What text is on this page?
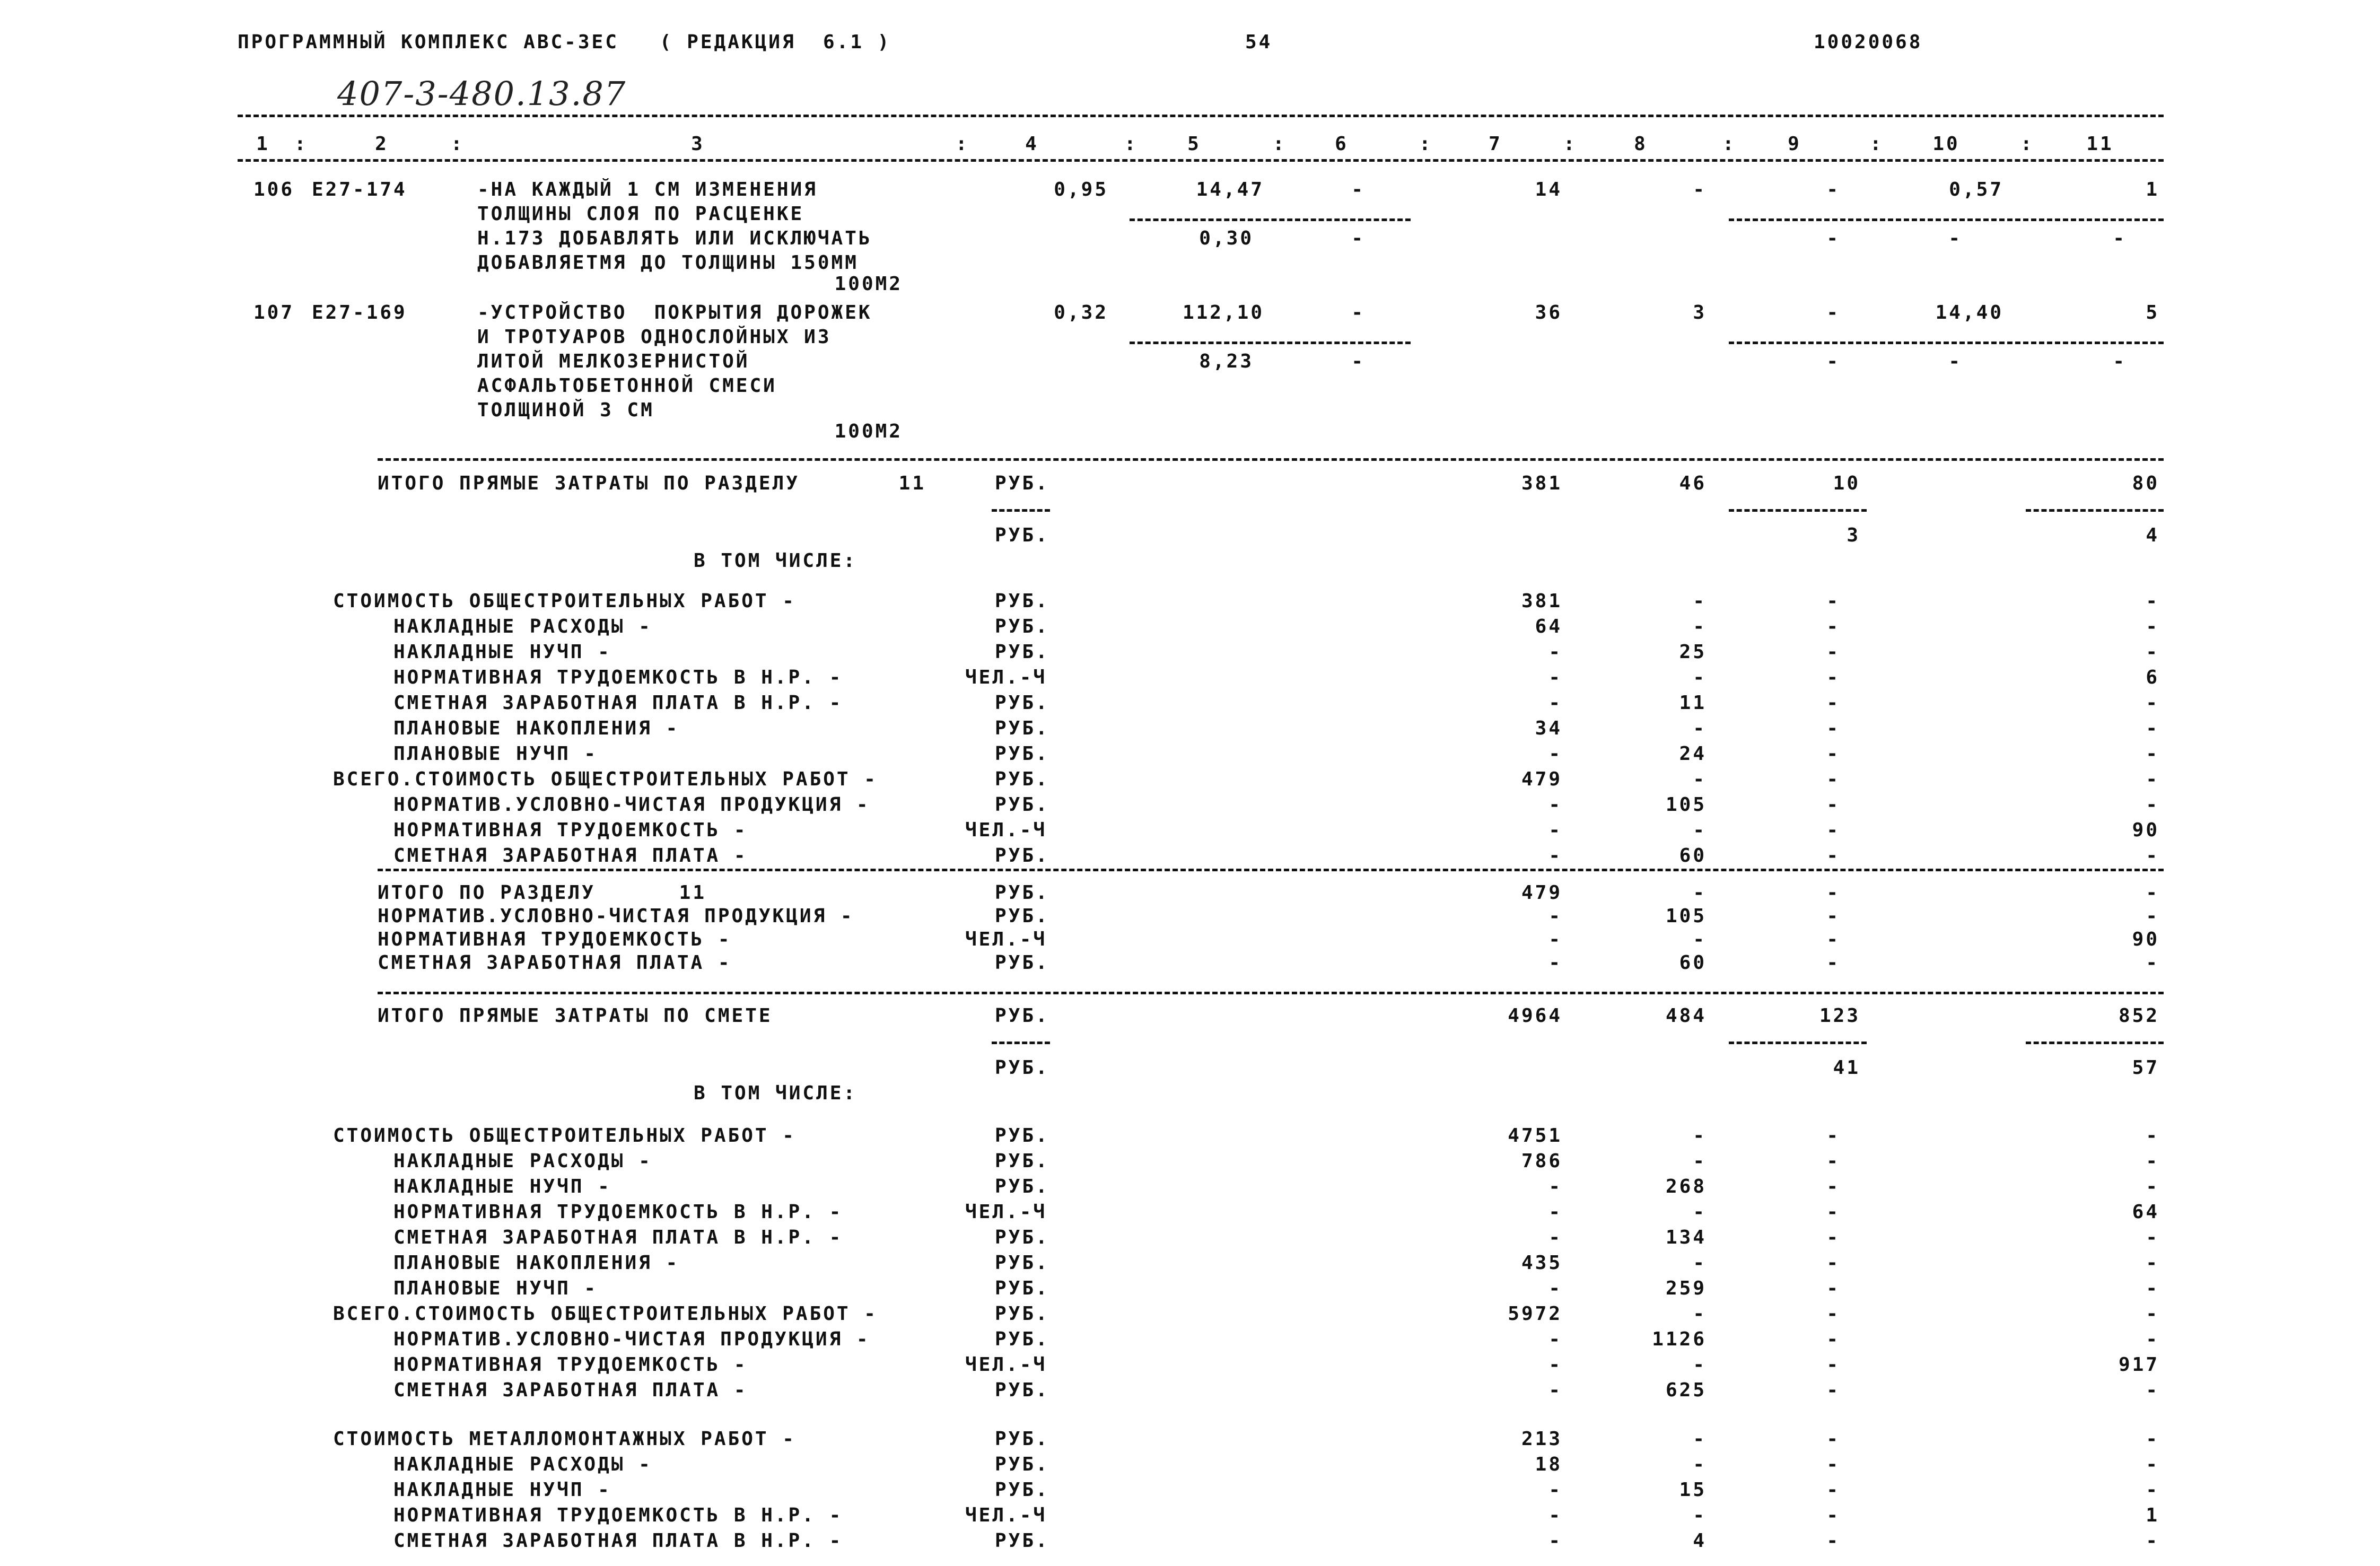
ПРОГРАММНЫЙ КОМПЛЕКС АВС-ЗЕС   ( РЕДАКЦИЯ  6.1 )	54	10020068
407-3-480.13.87
1	2	3	4	5	6	7	8	9	10	11
:	:	:	:	:	:	:	:	:	:
106 Е27-174	-НА КАЖДЫЙ 1 СМ ИЗМЕНЕНИЯ
ТОЛЩИНЫ СЛОЯ ПО РАСЦЕНКЕ
Н.173 ДОБАВЛЯТЬ ИЛИ ИСКЛЮЧАТЬ
ДОБАВЛЯЕТМЯ ДО ТОЛЩИНЫ 150ММ
100М2
0,95	14,47	-	14	-	-	0,57	1
0,30	-	-	-	-
107 Е27-169	-УСТРОЙСТВО  ПОКРЫТИЯ ДОРОЖЕК
И ТРОТУАРОВ ОДНОСЛОЙНЫХ ИЗ
ЛИТОЙ МЕЛКОЗЕРНИСТОЙ
АСФАЛЬТОБЕТОННОЙ СМЕСИ
ТОЛЩИНОЙ 3 СМ
100М2
0,32	112,10	-	36	3	-	14,40	5
8,23	-	-	-	-
ИТОГО ПРЯМЫЕ ЗАТРАТЫ ПО РАЗДЕЛУ	11	РУБ.	381	46	10	80
РУБ.	3	4
В ТОМ ЧИСЛЕ:
СТОИМОСТЬ ОБЩЕСТРОИТЕЛЬНЫХ РАБОТ -	РУБ.	381	-	-	-
НАКЛАДНЫЕ РАСХОДЫ -	РУБ.	64	-	-	-
НАКЛАДНЫЕ НУЧП -	РУБ.	-	25	-	-
НОРМАТИВНАЯ ТРУДОЕМКОСТЬ В Н.Р. -	ЧЕЛ.-Ч	-	-	-	6
СМЕТНАЯ ЗАРАБОТНАЯ ПЛАТА В Н.Р. -	РУБ.	-	11	-	-
ПЛАНОВЫЕ НАКОПЛЕНИЯ -	РУБ.	34	-	-	-
ПЛАНОВЫЕ НУЧП -	РУБ.	-	24	-	-
ВСЕГО.СТОИМОСТЬ ОБЩЕСТРОИТЕЛЬНЫХ РАБОТ -	РУБ.	479	-	-	-
НОРМАТИВ.УСЛОВНО-ЧИСТАЯ ПРОДУКЦИЯ -	РУБ.	-	105	-	-
НОРМАТИВНАЯ ТРУДОЕМКОСТЬ -	ЧЕЛ.-Ч	-	-	-	90
СМЕТНАЯ ЗАРАБОТНАЯ ПЛАТА -	РУБ.	-	60	-	-
ИТОГО ПО РАЗДЕЛУ	11	РУБ.	479	-	-	-
НОРМАТИВ.УСЛОВНО-ЧИСТАЯ ПРОДУКЦИЯ -	РУБ.	-	105	-	-
НОРМАТИВНАЯ ТРУДОЕМКОСТЬ -	ЧЕЛ.-Ч	-	-	-	90
СМЕТНАЯ ЗАРАБОТНАЯ ПЛАТА -	РУБ.	-	60	-	-
ИТОГО ПРЯМЫЕ ЗАТРАТЫ ПО СМЕТЕ	РУБ.	4964	484	123	852
РУБ.	41	57
В ТОМ ЧИСЛЕ:
СТОИМОСТЬ ОБЩЕСТРОИТЕЛЬНЫХ РАБОТ -	РУБ.	4751	-	-	-
НАКЛАДНЫЕ РАСХОДЫ -	РУБ.	786	-	-	-
НАКЛАДНЫЕ НУЧП -	РУБ.	-	268	-	-
НОРМАТИВНАЯ ТРУДОЕМКОСТЬ В Н.Р. -	ЧЕЛ.-Ч	-	-	-	64
СМЕТНАЯ ЗАРАБОТНАЯ ПЛАТА В Н.Р. -	РУБ.	-	134	-	-
ПЛАНОВЫЕ НАКОПЛЕНИЯ -	РУБ.	435	-	-	-
ПЛАНОВЫЕ НУЧП -	РУБ.	-	259	-	-
ВСЕГО.СТОИМОСТЬ ОБЩЕСТРОИТЕЛЬНЫХ РАБОТ -	РУБ.	5972	-	-	-
НОРМАТИВ.УСЛОВНО-ЧИСТАЯ ПРОДУКЦИЯ -	РУБ.	-	1126	-	-
НОРМАТИВНАЯ ТРУДОЕМКОСТЬ -	ЧЕЛ.-Ч	-	-	-	917
СМЕТНАЯ ЗАРАБОТНАЯ ПЛАТА -	РУБ.	-	625	-	-
СТОИМОСТЬ МЕТАЛЛОМОНТАЖНЫХ РАБОТ -	РУБ.	213	-	-	-
НАКЛАДНЫЕ РАСХОДЫ -	РУБ.	18	-	-	-
НАКЛАДНЫЕ НУЧП -	РУБ.	-	15	-	-
НОРМАТИВНАЯ ТРУДОЕМКОСТЬ В Н.Р. -	ЧЕЛ.-Ч	-	-	-	1
СМЕТНАЯ ЗАРАБОТНАЯ ПЛАТА В Н.Р. -	РУБ.	-	4	-	-
